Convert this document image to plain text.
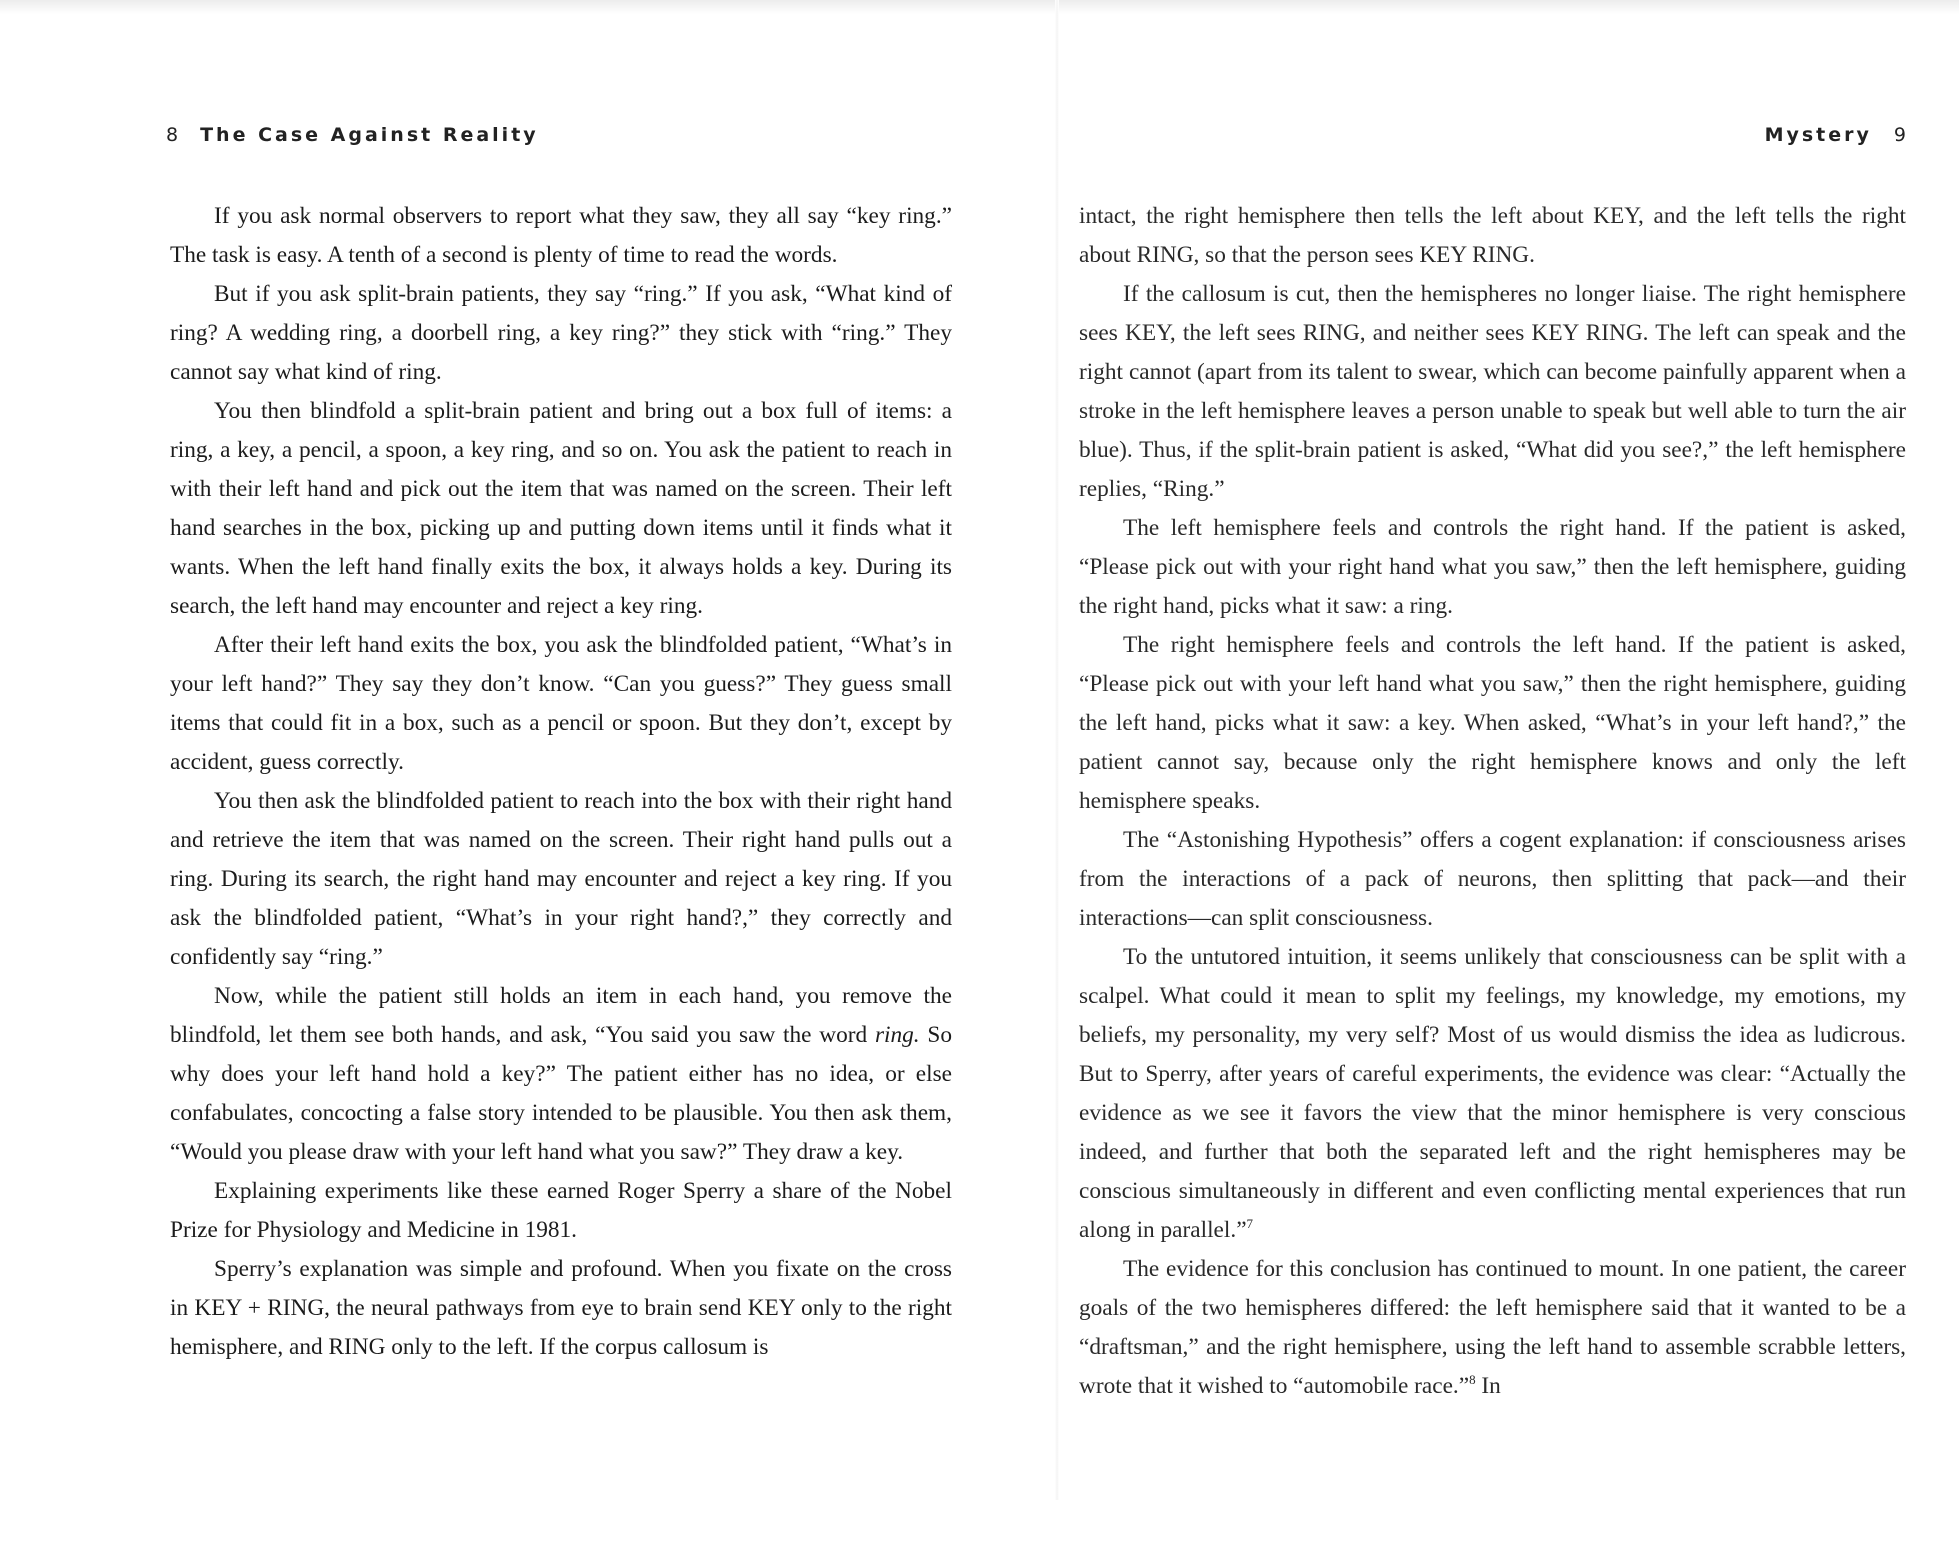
8 The Case Against Reality

If you ask normal observers to report what they saw, they all say “key ring.” The task is easy. A tenth of a second is plenty of time to read the words.

But if you ask split-brain patients, they say “ring.” If you ask, “What kind of ring? A wedding ring, a doorbell ring, a key ring?” they stick with “ring.” They cannot say what kind of ring.

You then blindfold a split-brain patient and bring out a box full of items: a ring, a key, a pencil, a spoon, a key ring, and so on. You ask the patient to reach in with their left hand and pick out the item that was named on the screen. Their left hand searches in the box, picking up and putting down items until it finds what it wants. When the left hand finally exits the box, it always holds a key. During its search, the left hand may encounter and reject a key ring.

After their left hand exits the box, you ask the blindfolded patient, “What’s in your left hand?” They say they don’t know. “Can you guess?” They guess small items that could fit in a box, such as a pencil or spoon. But they don’t, except by accident, guess correctly.

You then ask the blindfolded patient to reach into the box with their right hand and retrieve the item that was named on the screen. Their right hand pulls out a ring. During its search, the right hand may encounter and reject a key ring. If you ask the blindfolded patient, “What’s in your right hand?,” they correctly and confidently say “ring.”

Now, while the patient still holds an item in each hand, you remove the blindfold, let them see both hands, and ask, “You said you saw the word ring. So why does your left hand hold a key?” The patient either has no idea, or else confabulates, concocting a false story intended to be plausible. You then ask them, “Would you please draw with your left hand what you saw?” They draw a key.

Explaining experiments like these earned Roger Sperry a share of the Nobel Prize for Physiology and Medicine in 1981.

Sperry’s explanation was simple and profound. When you fixate on the cross in KEY + RING, the neural pathways from eye to brain send KEY only to the right hemisphere, and RING only to the left. If the corpus callosum is

Mystery 9

intact, the right hemisphere then tells the left about KEY, and the left tells the right about RING, so that the person sees KEY RING.

If the callosum is cut, then the hemispheres no longer liaise. The right hemisphere sees KEY, the left sees RING, and neither sees KEY RING. The left can speak and the right cannot (apart from its talent to swear, which can become painfully apparent when a stroke in the left hemisphere leaves a person unable to speak but well able to turn the air blue). Thus, if the split-brain patient is asked, “What did you see?,” the left hemisphere replies, “Ring.”

The left hemisphere feels and controls the right hand. If the patient is asked, “Please pick out with your right hand what you saw,” then the left hemisphere, guiding the right hand, picks what it saw: a ring.

The right hemisphere feels and controls the left hand. If the patient is asked, “Please pick out with your left hand what you saw,” then the right hemisphere, guiding the left hand, picks what it saw: a key. When asked, “What’s in your left hand?,” the patient cannot say, because only the right hemisphere knows and only the left hemisphere speaks.

The “Astonishing Hypothesis” offers a cogent explanation: if consciousness arises from the interactions of a pack of neurons, then splitting that pack—and their interactions—can split consciousness.

To the untutored intuition, it seems unlikely that consciousness can be split with a scalpel. What could it mean to split my feelings, my knowledge, my emotions, my beliefs, my personality, my very self? Most of us would dismiss the idea as ludicrous. But to Sperry, after years of careful experiments, the evidence was clear: “Actually the evidence as we see it favors the view that the minor hemisphere is very conscious indeed, and further that both the separated left and the right hemispheres may be conscious simultaneously in different and even conflicting mental experiences that run along in parallel.”$^7$

The evidence for this conclusion has continued to mount. In one patient, the career goals of the two hemispheres differed: the left hemisphere said that it wanted to be a “draftsman,” and the right hemisphere, using the left hand to assemble scrabble letters, wrote that it wished to “automobile race.”$^8$ In
